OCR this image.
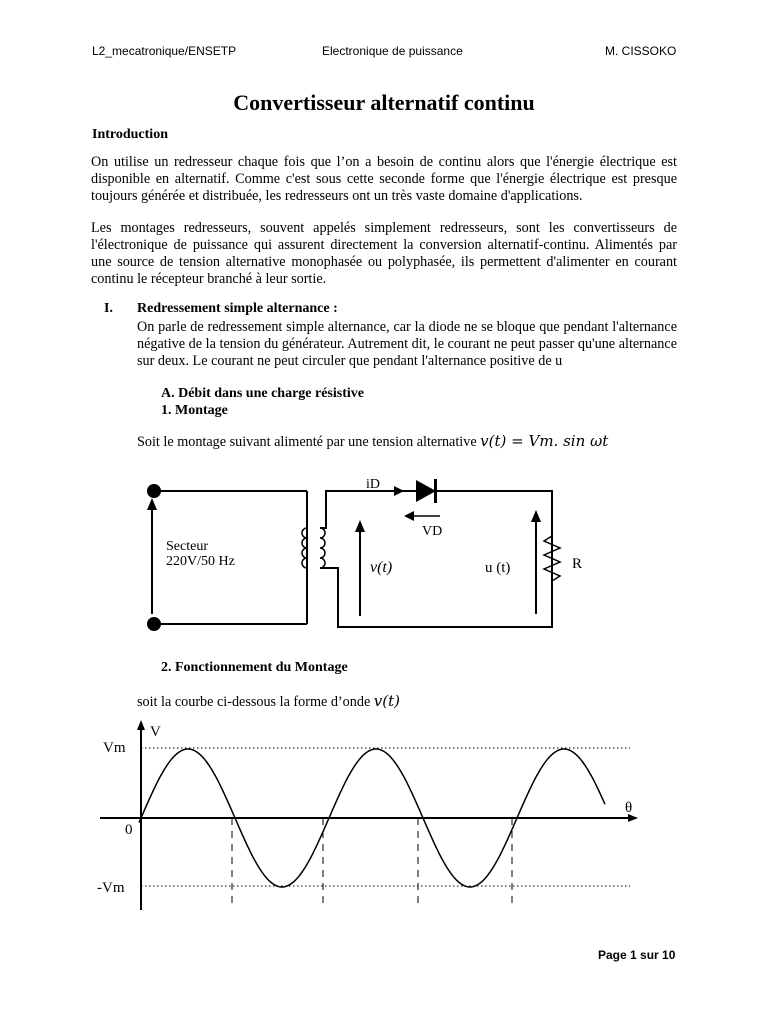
L2_mecatronique/ENSETP	Electronique de puissance	M. CISSOKO
Convertisseur alternatif continu
Introduction
On utilise un redresseur chaque fois que l’on a besoin de continu alors que l'énergie électrique est disponible en alternatif. Comme c'est sous cette seconde forme que l'énergie électrique est presque toujours générée et distribuée, les redresseurs ont un très vaste domaine d'applications.
Les montages redresseurs, souvent appelés simplement redresseurs, sont les convertisseurs de l'électronique de puissance qui assurent directement la conversion alternatif-continu. Alimentés par une source de tension alternative monophasée ou polyphasée, ils permettent d'alimenter en courant continu le récepteur branché à leur sortie.
I. Redressement simple alternance :
On parle de redressement simple alternance, car la diode ne se bloque que pendant l'alternance négative de la tension du générateur. Autrement dit, le courant ne peut passer qu'une alternance sur deux. Le courant ne peut circuler que pendant l'alternance positive de u
A. Débit dans une charge résistive
1. Montage
Soit le montage suivant alimenté par une tension alternative v(t) = Vm. sin ωt
Secteur
220V/50 Hz
iD
VD
v(t)	u (t)	R
2. Fonctionnement du Montage
soit la courbe ci-dessous la forme d’onde v(t)
V
Vm
0
-Vm
θ
Page 1 sur 10
